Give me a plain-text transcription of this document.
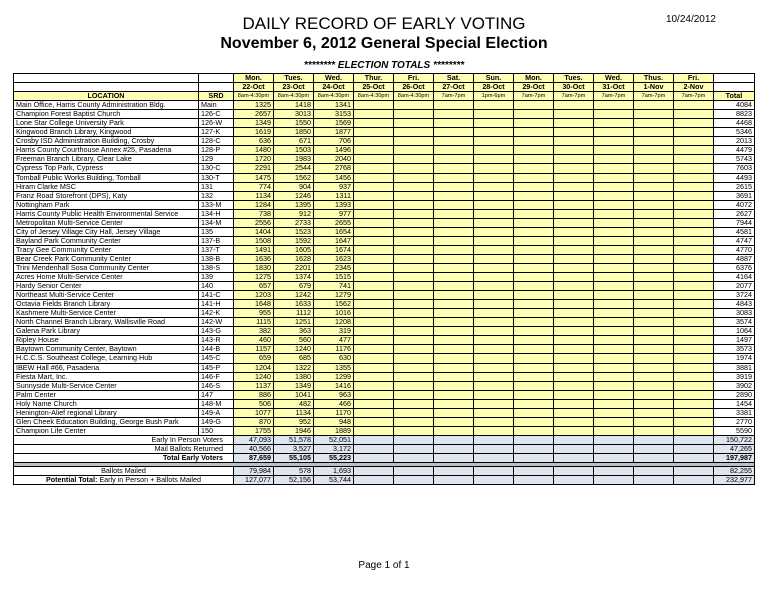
10/24/2012
DAILY RECORD OF EARLY VOTING
November 6, 2012 General Special Election
******** ELECTION TOTALS ********
		Mon.	Tues.	Wed.	Thur.	Fri.	Sat.	Sun.	Mon.	Tues.	Wed.	Thus.	Fri.	
		22-Oct	23-Oct	24-Oct	25-Oct	26-Oct	27-Oct	28-Oct	29-Oct	30-Oct	31-Oct	1-Nov	2-Nov	
LOCATION	SRD	8am-4:30pm	8am-4:30pm	8am-4:30pm	8am-4:30pm	8am-4:30pm	7am-7pm	1pm-6pm	7am-7pm	7am-7pm	7am-7pm	7am-7pm	7am-7pm	Total
Main Office, Harris County Administration Bldg.	Main	1325	1418	1341										4084
Champion Forest Baptist Church	126-C	2657	3013	3153										8823
Lone Star College University Park	126-W	1349	1550	1569										4468
Kingwood Branch Library, Kingwood	127-K	1619	1850	1877										5346
Crosby ISD Administration Building, Crosby	128-C	636	671	706										2013
Harris County Courthouse Annex #25, Pasadena	128-P	1480	1503	1496										4479
Freeman Branch Library, Clear Lake	129	1720	1983	2040										5743
Cypress Top Park, Cypress	130-C	2291	2544	2768										7603
Tomball Public Works Building, Tomball	130-T	1475	1562	1456										4493
Hiram Clarke MSC	131	774	904	937										2615
Franz Road Storefront (DPS), Katy	132	1134	1246	1311										3691
Nottingham Park	133-M	1284	1395	1393										4072
Harris County Public Health Environmental Service	134-H	738	912	977										2627
Metropolitan Multi-Service Center	134-M	2556	2733	2655										7944
City of Jersey Village City Hall, Jersey Village	135	1404	1523	1654										4581
Bayland Park Community Center	137-B	1508	1592	1647										4747
Tracy Gee Community Center	137-T	1491	1605	1674										4770
Bear Creek Park Community Center	138-B	1636	1628	1623										4887
Trini Mendenhall Sosa Community Center	138-S	1830	2201	2345										6376
Acres Home Multi-Service Center	139	1275	1374	1515										4164
Hardy Senior Center	140	657	679	741										2077
Northeast Multi-Service Center	141-C	1203	1242	1279										3724
Octavia Fields Branch Library	141-H	1648	1633	1562										4843
Kashmere Multi-Service Center	142-K	955	1112	1016										3083
North Channel Branch Library, Wallisville Road	142-W	1115	1251	1208										3574
Galena Park Library	143-G	382	363	319										1064
Ripley House	143-R	460	560	477										1497
Baytown Community Center, Baytown	144-B	1157	1240	1176										3573
H.C.C.S. Southeast College, Learning Hub	145-C	659	685	630										1974
IBEW Hall #66, Pasadena	145-P	1204	1322	1355										3881
Fiesta Mart, Inc.	146-F	1240	1380	1299										3919
Sunnyside Multi-Service Center	146-S	1137	1349	1416										3902
Palm Center	147	886	1041	963										2890
Holy Name Church	148-M	506	482	466										1454
Henington-Alief regional Library	149-A	1077	1134	1170										3381
Glen Cheek Education Building, George Bush Park	149-G	870	952	948										2770
Champion Life Center	150	1755	1946	1889										5590
Early In Person Voters		47,093	51,578	52,051										150,722
Mail Ballots Returned		40,566	3,527	3,172										47,265
Total Early Voters		87,659	55,105	55,223										197,987

Ballots Mailed		79,984	578	1,693										82,255
Potential Total: Early in Person + Ballots Mailed		127,077	52,156	53,744										232,977
Page 1 of 1
